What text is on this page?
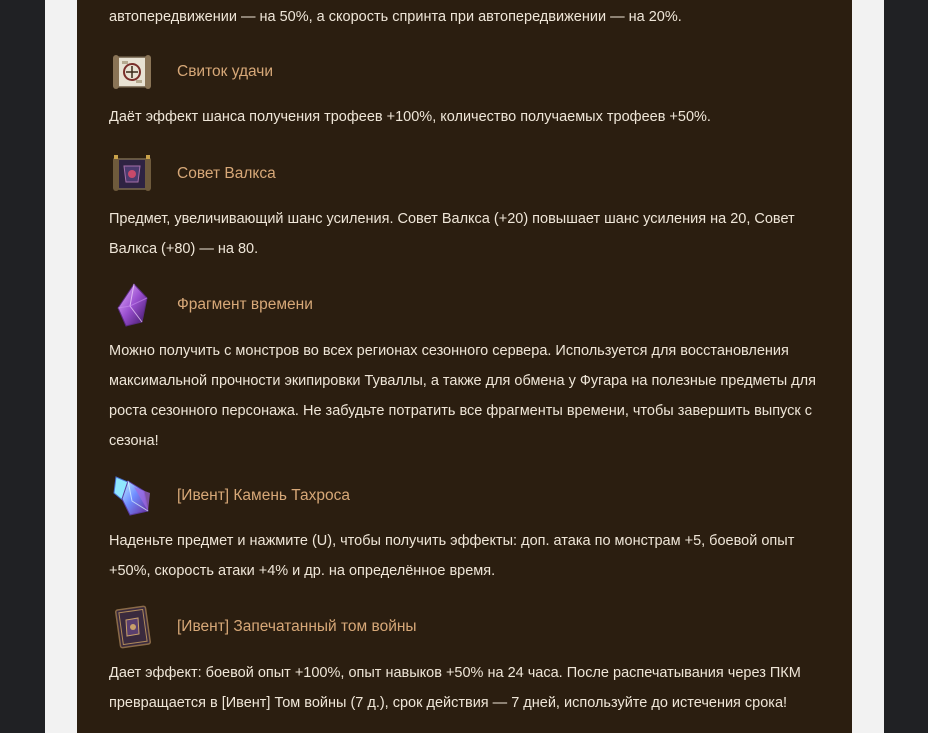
автопередвижении — на 50%, а скорость спринта при автопередвижении — на 20%.
Свиток удачи
Даёт эффект шанса получения трофеев +100%, количество получаемых трофеев +50%.
Совет Валкса
Предмет, увеличивающий шанс усиления. Совет Валкса (+20) повышает шанс усиления на 20, Совет Валкса (+80) — на 80.
Фрагмент времени
Можно получить с монстров во всех регионах сезонного сервера. Используется для восстановления максимальной прочности экипировки Туваллы, а также для обмена у Фугара на полезные предметы для роста сезонного персонажа. Не забудьте потратить все фрагменты времени, чтобы завершить выпуск с сезона!
[Ивент] Камень Тахроса
Наденьте предмет и нажмите (U), чтобы получить эффекты: доп. атака по монстрам +5, боевой опыт +50%, скорость атаки +4% и др. на определённое время.
[Ивент] Запечатанный том войны
Дает эффект: боевой опыт +100%, опыт навыков +50% на 24 часа. После распечатывания через ПКМ превращается в [Ивент] Том войны (7 д.), срок действия — 7 дней, используйте до истечения срока!
